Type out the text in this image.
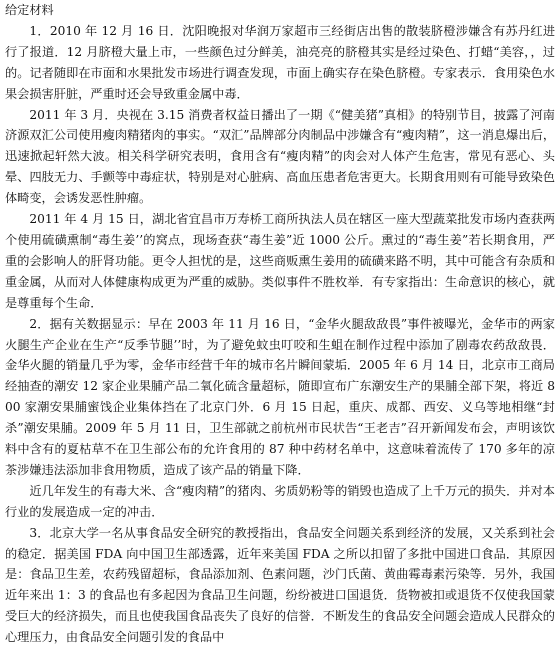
给定材料

1．2010 年 12 月 16 日．沈阳晚报对华润万家超市三经街店出售的散装脐橙涉嫌含有苏丹红进行了报道．12 月脐橙大量上市，一些颜色过分鲜美，油亮亮的脐橙其实是经过染色、打蜡“美容，，过的。记者随即在市面和水果批发市场进行调查发现，市面上确实存在染色脐橙。专家表示．食用染色水果会损害肝脏，严重时还会导致重金属中毒．

2011 年 3 月．央视在 3.15 消费者权益日播出了一期《“健美猪”真相》的特别节目，披露了河南济源双汇公司使用瘦肉精猪肉的事实。“双汇”品牌部分肉制品中涉嫌含有“瘦肉精”，这一消息爆出后，迅速掀起轩然大波。相关科学研究表明，食用含有“瘦肉精”的肉会对人体产生危害，常见有恶心、头晕、四肢无力、手颤等中毒症状，特别是对心脏病、高血压患者危害更大。长期食用则有可能导致染色体畸变，会诱发恶性肿瘤。

2011 年 4 月 15 日，湖北省宜昌市万寿桥工商所执法人员在辖区一座大型蔬菜批发市场内查获两个使用硫磺熏制“毒生姜’’的窝点，现场查获“毒生姜”近 1000 公斤。熏过的“毒生姜”若长期食用，严重的会影响人的肝肾功能。更令人担忧的是，这些商贩熏生姜用的硫磺来路不明，其中可能含有杂质和重金属，从而对人体健康构成更为严重的威胁。类似事件不胜枚举．有专家指出：生命意识的核心，就是尊重每个生命．

2．据有关数据显示：早在 2003 年 11 月 16 日，“金华火腿敌敌畏”事件被曝光，金华市的两家火腿生产企业在生产“反季节腿’’时，为了避免蚊虫叮咬和生蛆在制作过程中添加了剧毒农药敌敌畏．金华火腿的销量几乎为零，金华市经营千年的城市名片瞬间蒙垢．2005 年 6 月 14 日，北京市工商局经抽查的潮安 12 家企业果脯产品二氧化硫含量超标，随即宣布广东潮安生产的果脯全部下架，将近 800 家潮安果脯蜜饯企业集体挡在了北京门外．6 月 15 日起，重庆、成都、西安、义乌等地相继“封杀”潮安果脯。2009 年 5 月 11 日，卫生部就之前杭州市民状告“王老吉”召开新闻发布会，声明该饮料中含有的夏枯草不在卫生部公布的允许食用的 87 种中药材名单中，这意味着流传了 170 多年的凉茶涉嫌违法添加非食用物质，造成了该产品的销量下降．

近几年发生的有毒大米、含“瘦肉精”的猪肉、劣质奶粉等的销毁也造成了上千万元的损失．并对本行业的发展造成一定的冲击．

3．北京大学一名从事食品安全研究的教授指出，食品安全问题关系到经济的发展，又关系到社会的稳定．据美国 FDA 向中国卫生部透露，近年来美国 FDA 之所以扣留了多批中国进口食品．其原因是：食品卫生差，农药残留超标，食品添加剂、色素问题，沙门氏菌、黄曲霉毒素污染等．另外，我国近年来出 1：3 的食品也有多起因为食品卫生问题，纷纷被进口国退货．货物被扣或退货不仅使我国蒙受巨大的经济损失，而且也使我国食品丧失了良好的信誉．不断发生的食品安全问题会造成人民群众的心理压力，由食品安全问题引发的食品中
